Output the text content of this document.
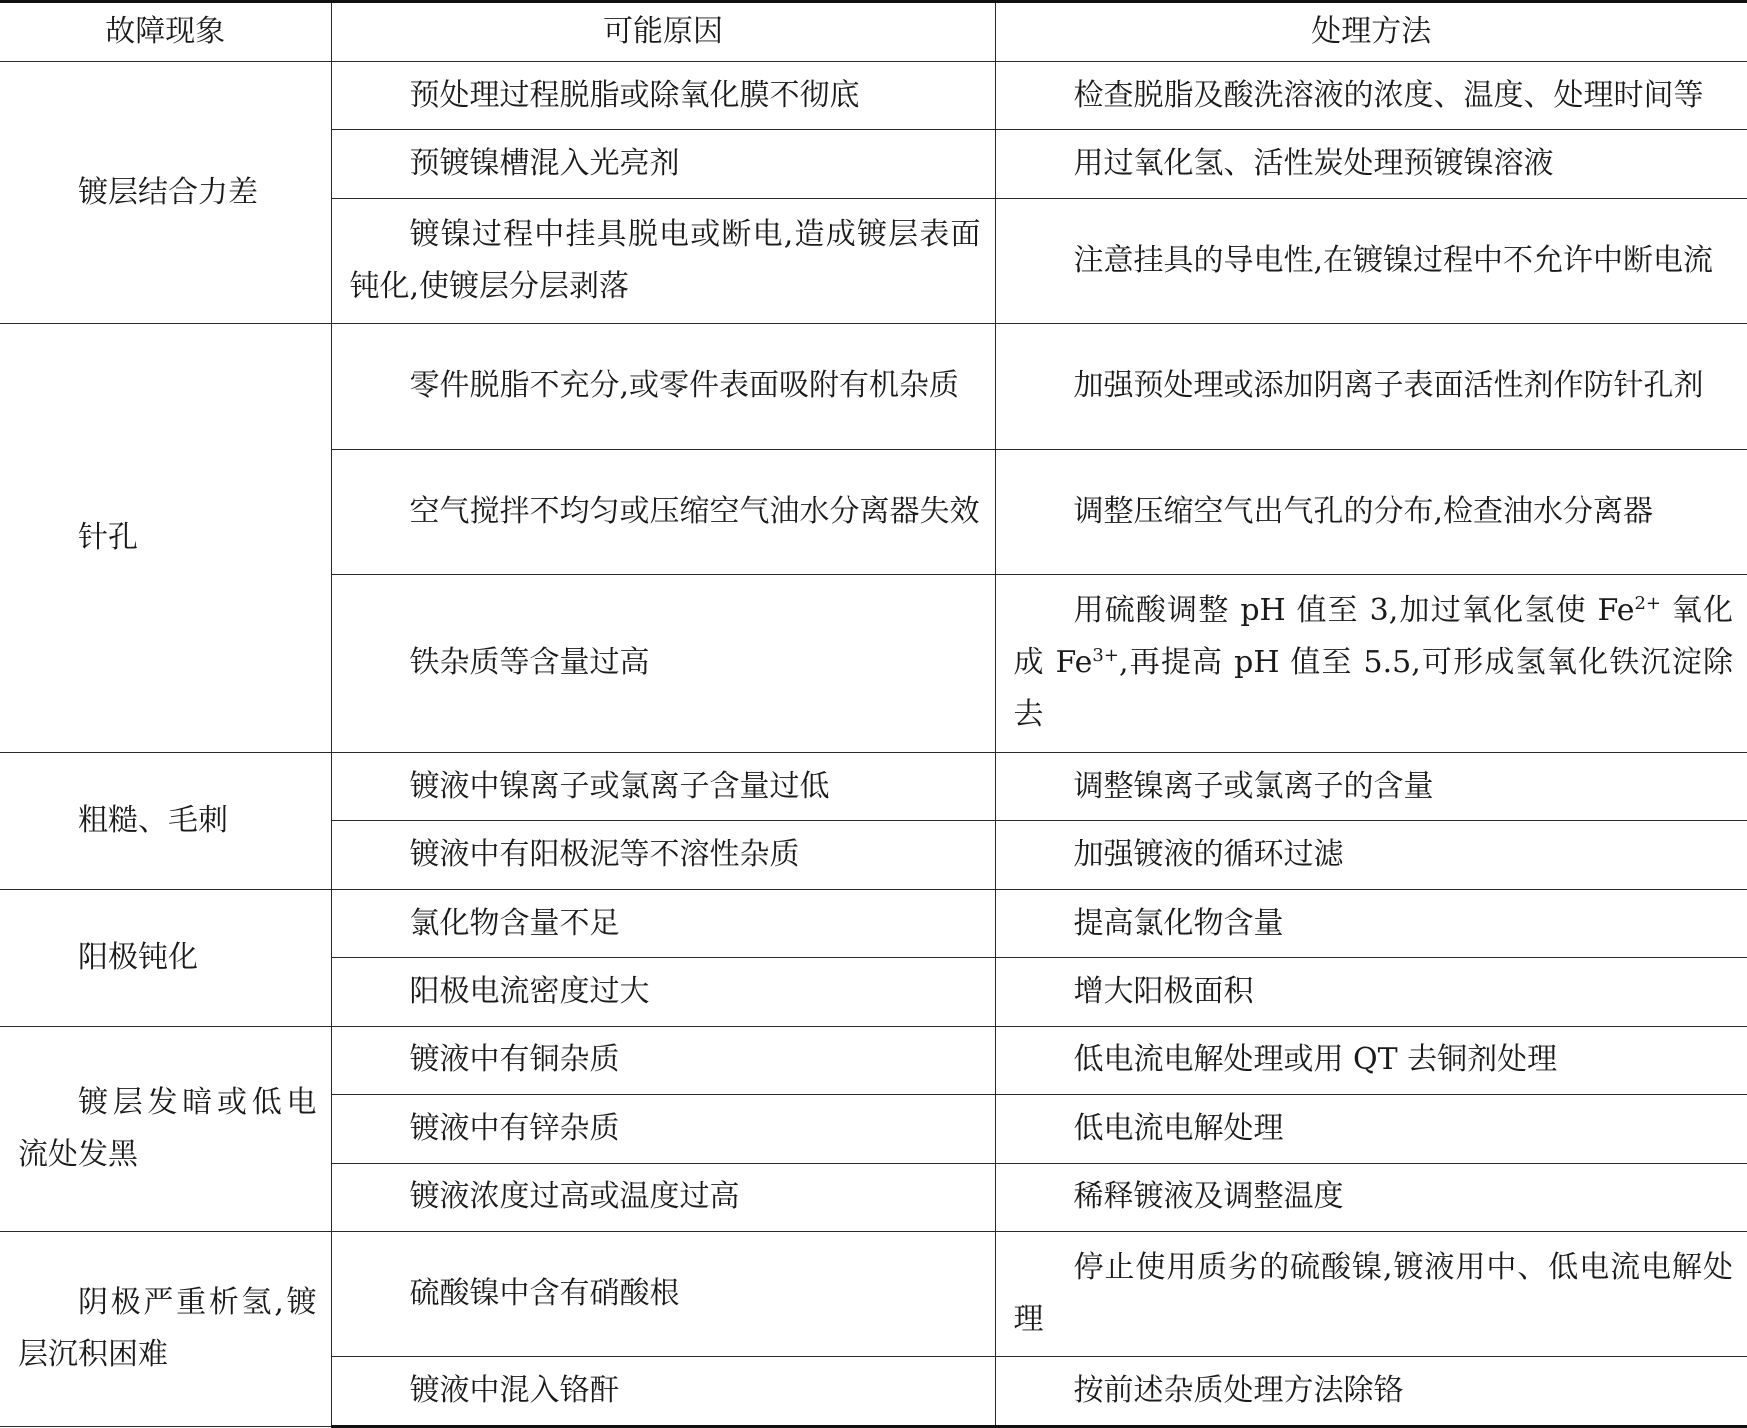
故障现象	可能原因	处理方法
镀层结合力差	预处理过程脱脂或除氧化膜不彻底	检查脱脂及酸洗溶液的浓度、温度、处理时间等
	预镀镍槽混入光亮剂	用过氧化氢、活性炭处理预镀镍溶液
	镀镍过程中挂具脱电或断电,造成镀层表面钝化,使镀层分层剥落	注意挂具的导电性,在镀镍过程中不允许中断电流
针孔	零件脱脂不充分,或零件表面吸附有机杂质	加强预处理或添加阴离子表面活性剂作防针孔剂
	空气搅拌不均匀或压缩空气油水分离器失效	调整压缩空气出气孔的分布,检查油水分离器
	铁杂质等含量过高	用硫酸调整 pH 值至 3,加过氧化氢使 $Fe^{2+}$ 氧化成 $Fe^{3+}$,再提高 pH 值至 5.5,可形成氢氧化铁沉淀除去
粗糙、毛刺	镀液中镍离子或氯离子含量过低	调整镍离子或氯离子的含量
	镀液中有阳极泥等不溶性杂质	加强镀液的循环过滤
阳极钝化	氯化物含量不足	提高氯化物含量
	阳极电流密度过大	增大阳极面积
镀层发暗或低电流处发黑	镀液中有铜杂质	低电流电解处理或用 QT 去铜剂处理
	镀液中有锌杂质	低电流电解处理
	镀液浓度过高或温度过高	稀释镀液及调整温度
阴极严重析氢,镀层沉积困难	硫酸镍中含有硝酸根	停止使用质劣的硫酸镍,镀液用中、低电流电解处理
	镀液中混入铬酐	按前述杂质处理方法除铬
